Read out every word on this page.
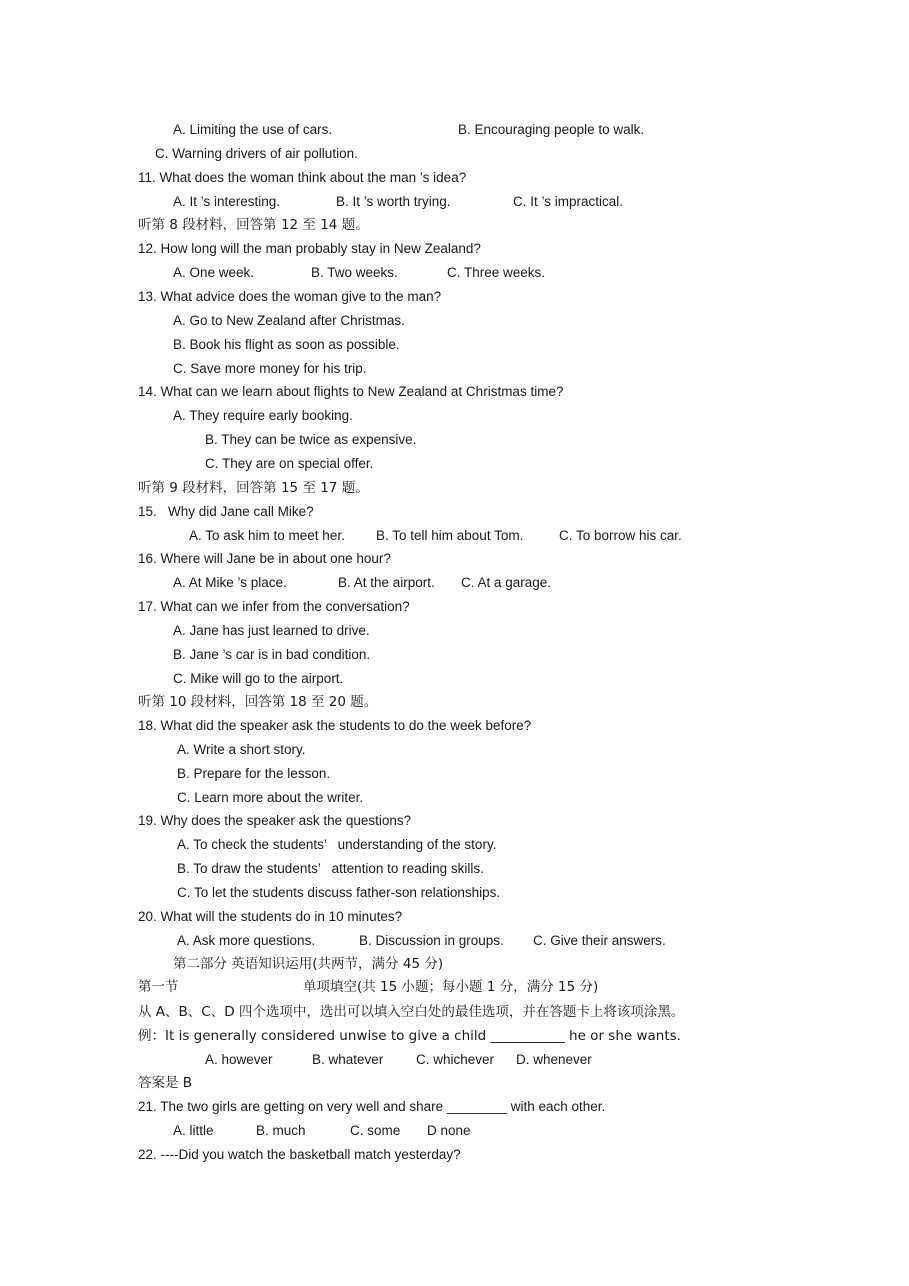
A. Limiting the use of cars.	B. Encouraging people to walk.
C. Warning drivers of air pollution.
11. What does the woman think about the man ’s idea?
A. It ’s interesting.	B. It ’s worth trying.	C. It ’s impractical.
听第 8 段材料，回答第 12 至 14 题。
12. How long will the man probably stay in New Zealand?
A. One week.	B. Two weeks.	C. Three weeks.
13. What advice does the woman give to the man?
A. Go to New Zealand after Christmas.
B. Book his flight as soon as possible.
C. Save more money for his trip.
14. What can we learn about flights to New Zealand at Christmas time?
A. They require early booking.
B. They can be twice as expensive.
C. They are on special offer.
听第 9 段材料，回答第 15 至 17 题。
15.   Why did Jane call Mike?
A. To ask him to meet her. B. To tell him about Tom.	C. To borrow his car.
16. Where will Jane be in about one hour?
A. At Mike ’s place.	B. At the airport. C. At a garage.
17. What can we infer from the conversation?
A. Jane has just learned to drive.
B. Jane ’s car is in bad condition.
C. Mike will go to the airport.
听第 10 段材料，回答第 18 至 20 题。
18. What did the speaker ask the students to do the week before?
A. Write a short story.
B. Prepare for the lesson.
C. Learn more about the writer.
19. Why does the speaker ask the questions?
A. To check the students’   understanding of the story.
B. To draw the students’   attention to reading skills.
C. To let the students discuss father-son relationships.
20. What will the students do in 10 minutes?
A. Ask more questions.	B. Discussion in groups. C. Give their answers.
第二部分 英语知识运用(共两节，满分 45 分)
第一节	单项填空(共 15 小题；每小题 1 分，满分 15 分)
从 A、B、C、D 四个选项中，选出可以填入空白处的最佳选项，并在答题卡上将该项涂黑。
例：It is generally considered unwise to give a child ___________ he or she wants.
A. however	B. whatever C. whichever D. whenever
答案是 B
21. The two girls are getting on very well and share ________ with each other.
A. little	B. much	C. some D none
22. ----Did you watch the basketball match yesterday?
